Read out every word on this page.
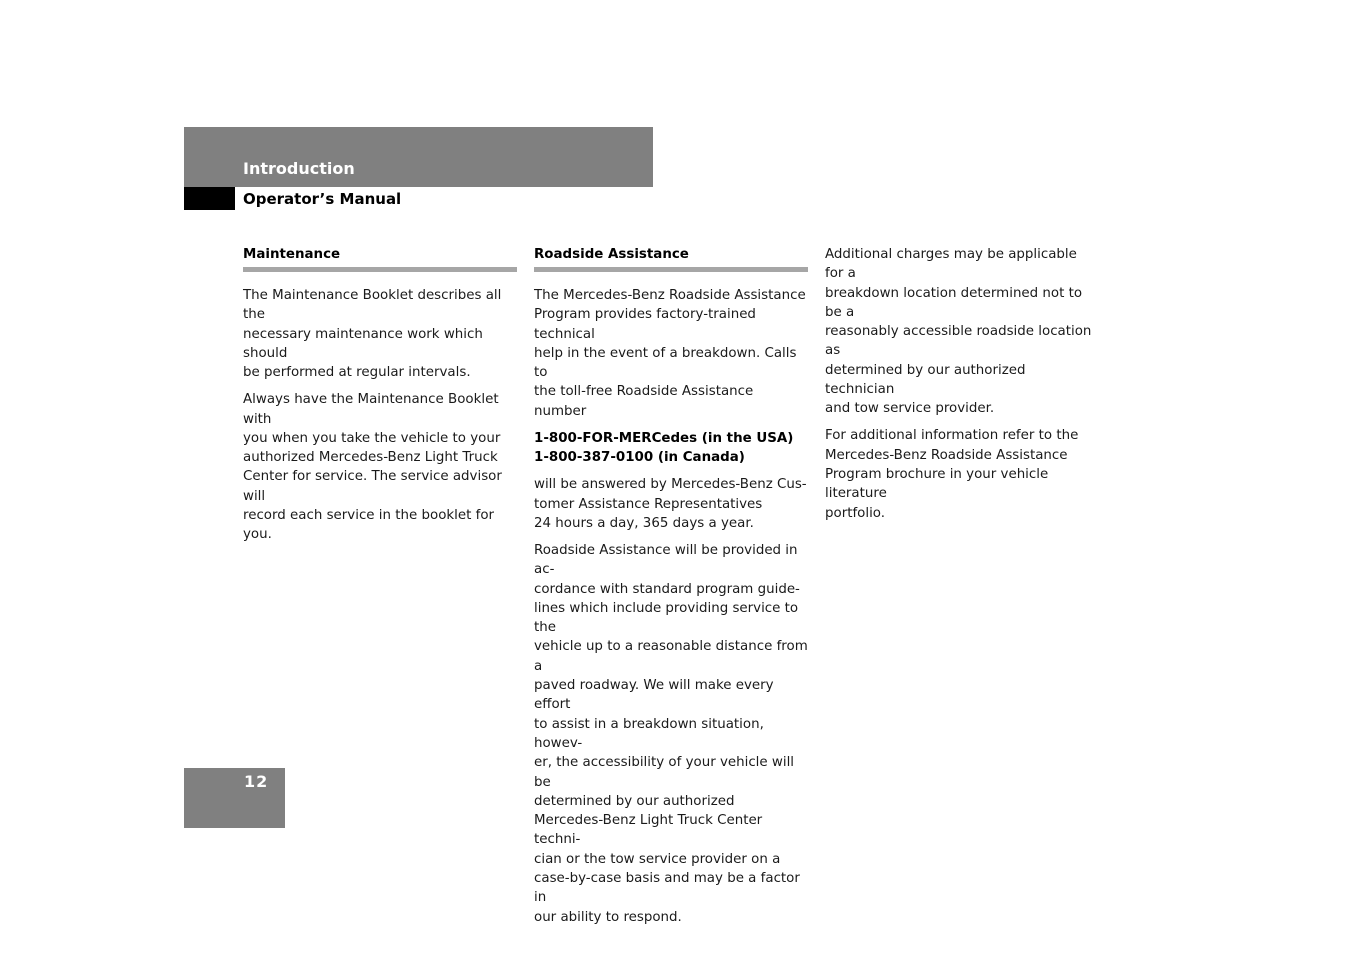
Introduction
Operator’s Manual
Maintenance

The Maintenance Booklet describes all the
necessary maintenance work which should
be performed at regular intervals.

Always have the Maintenance Booklet with
you when you take the vehicle to your
authorized Mercedes-Benz Light Truck
Center for service. The service advisor will
record each service in the booklet for you.

Roadside Assistance

The Mercedes-Benz Roadside Assistance
Program provides factory-trained technical
help in the event of a breakdown. Calls to
the toll-free Roadside Assistance number

1-800-FOR-MERCedes (in the USA)
1-800-387-0100 (in Canada)

will be answered by Mercedes-Benz Cus-
tomer Assistance Representatives
24 hours a day, 365 days a year.

Roadside Assistance will be provided in ac-
cordance with standard program guide-
lines which include providing service to the
vehicle up to a reasonable distance from a
paved roadway. We will make every effort
to assist in a breakdown situation, howev-
er, the accessibility of your vehicle will be
determined by our authorized
Mercedes-Benz Light Truck Center techni-
cian or the tow service provider on a
case-by-case basis and may be a factor in
our ability to respond.

Additional charges may be applicable for a
breakdown location determined not to be a
reasonably accessible roadside location as
determined by our authorized technician
and tow service provider.

For additional information refer to the
Mercedes-Benz Roadside Assistance
Program brochure in your vehicle literature
portfolio.

12
